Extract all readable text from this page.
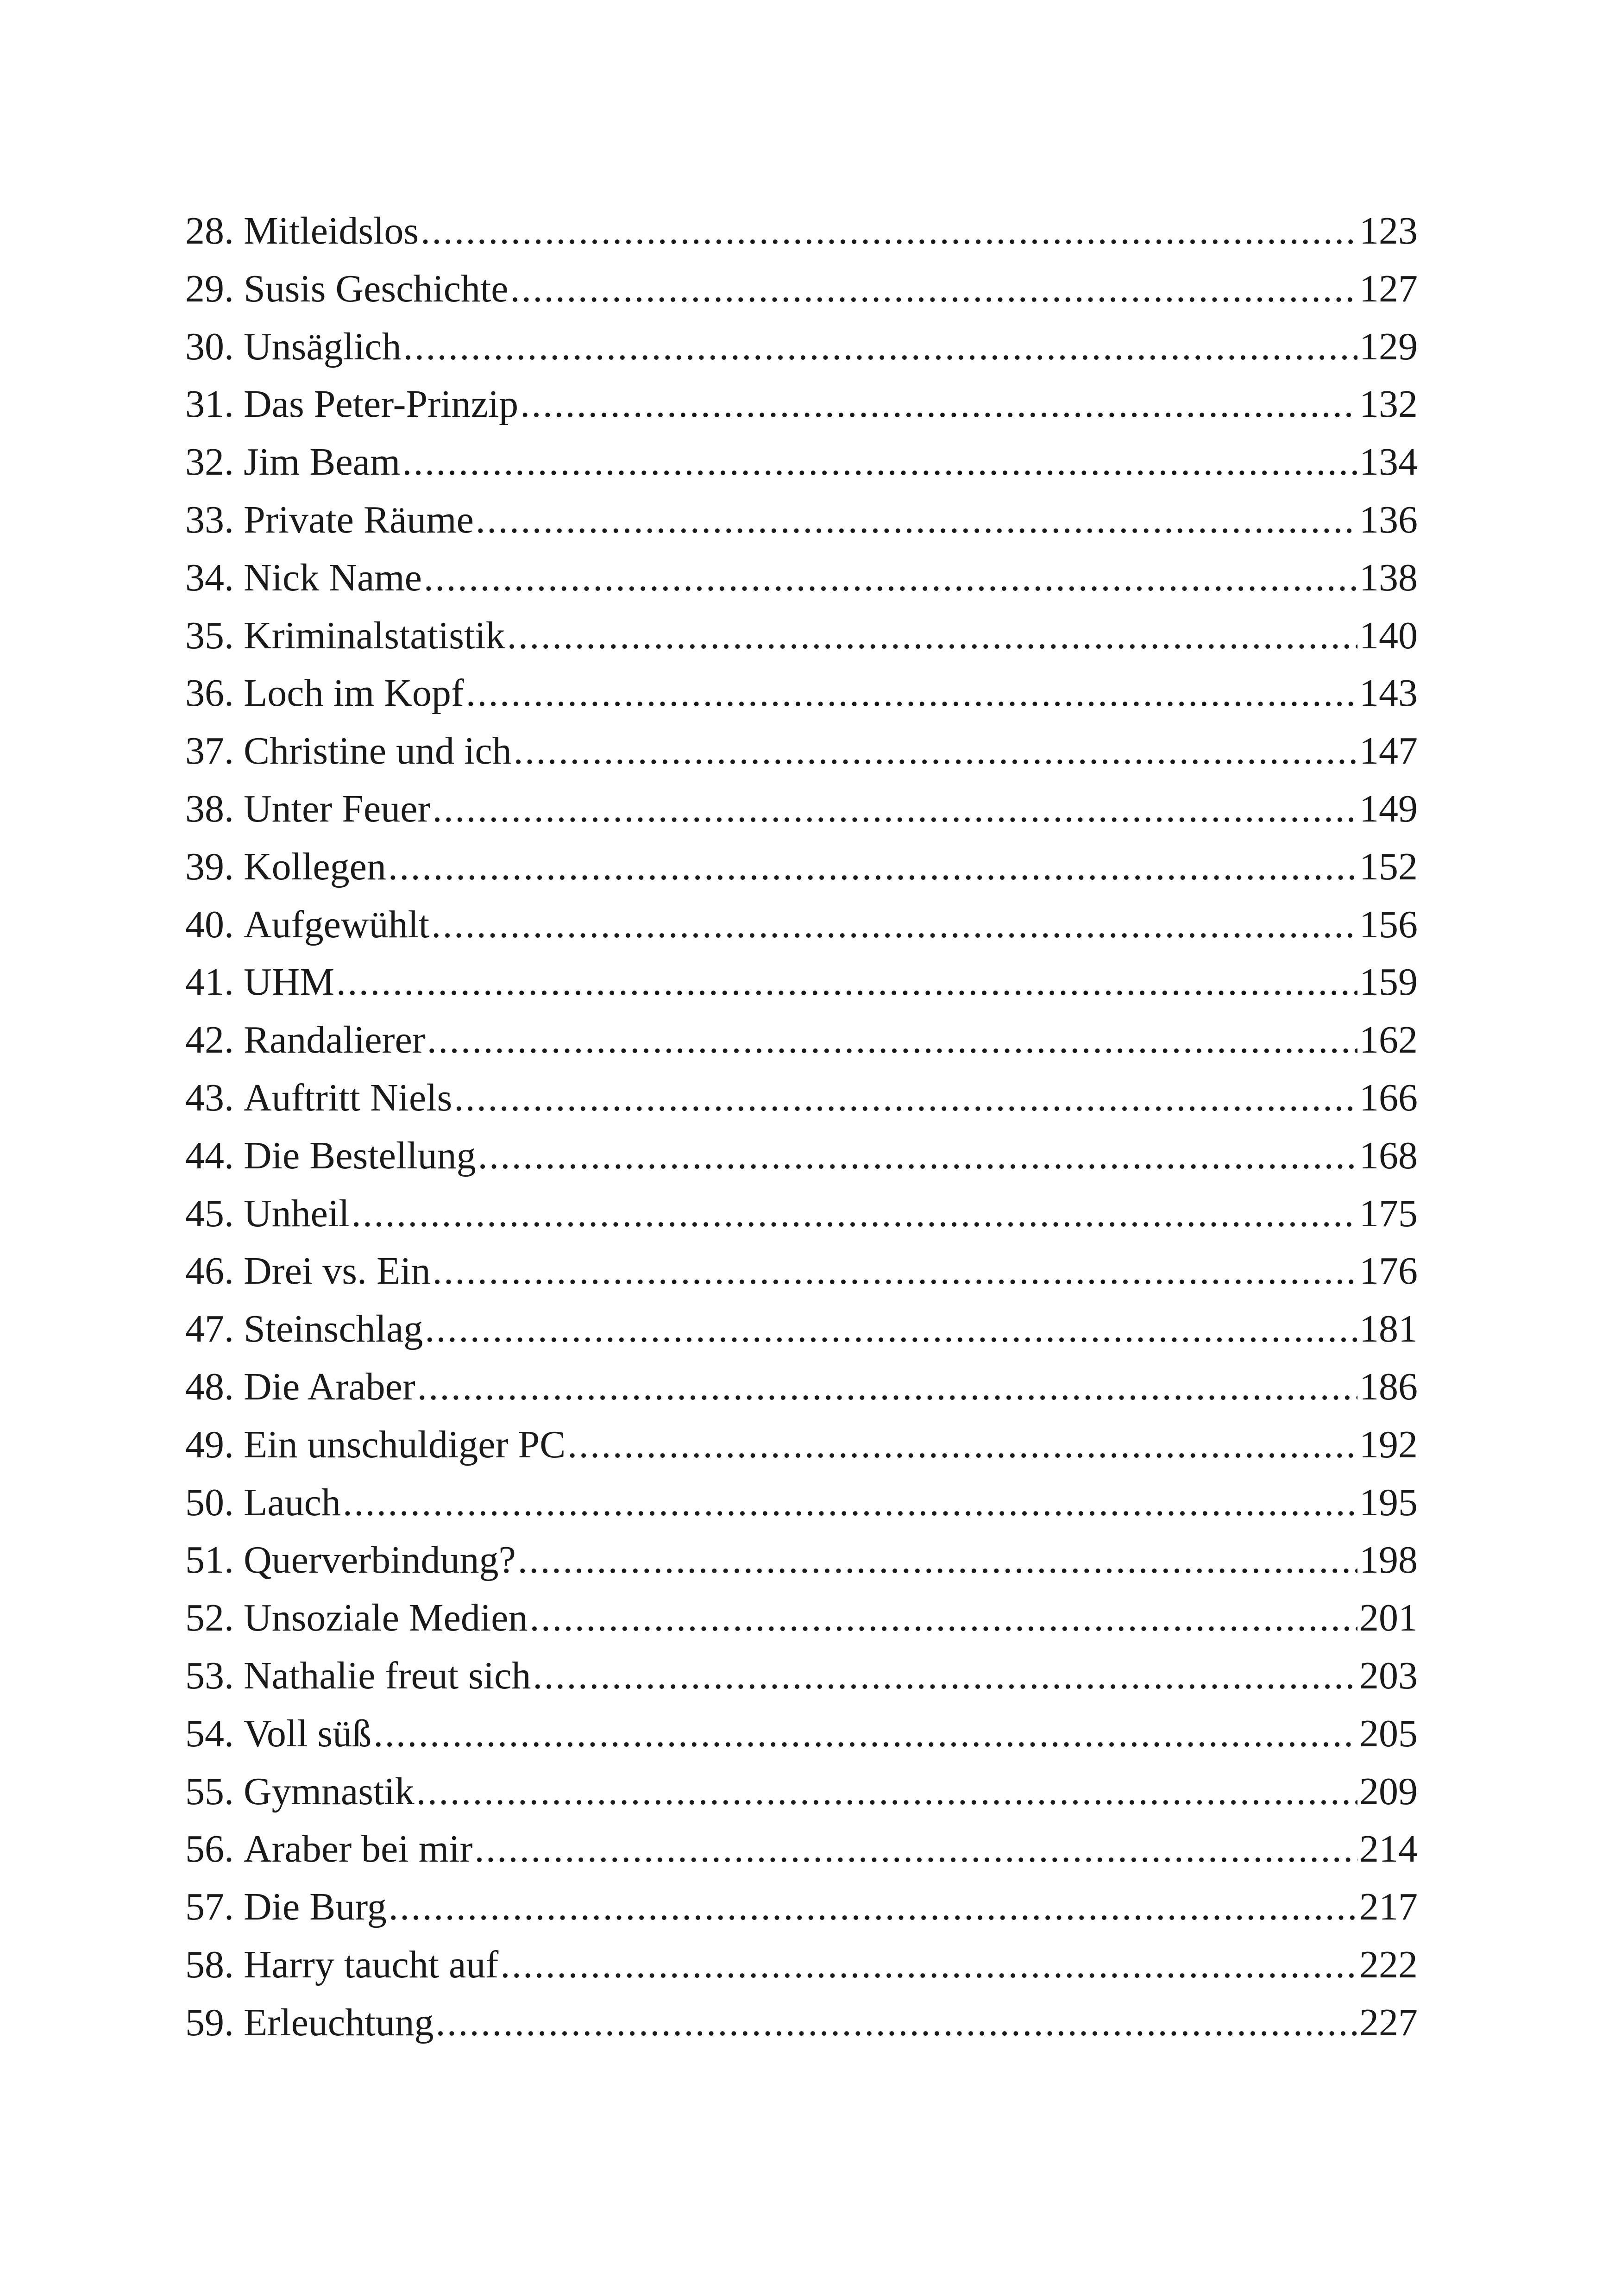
28. Mitleidslos .....	123
29. Susis Geschichte .....	127
30. Unsäglich .....	129
31. Das Peter-Prinzip .....	132
32. Jim Beam .....	134
33. Private Räume .....	136
34. Nick Name .....	138
35. Kriminalstatistik .....	140
36. Loch im Kopf .....	143
37. Christine und ich .....	147
38. Unter Feuer .....	149
39. Kollegen .....	152
40. Aufgewühlt .....	156
41. UHM .....	159
42. Randalierer .....	162
43. Auftritt Niels .....	166
44. Die Bestellung .....	168
45. Unheil .....	175
46. Drei vs. Ein .....	176
47. Steinschlag .....	181
48. Die Araber .....	186
49. Ein unschuldiger PC .....	192
50. Lauch .....	195
51. Querverbindung? .....	198
52. Unsoziale Medien .....	201
53. Nathalie freut sich .....	203
54. Voll süß .....	205
55. Gymnastik .....	209
56. Araber bei mir .....	214
57. Die Burg .....	217
58. Harry taucht auf .....	222
59. Erleuchtung .....	227
